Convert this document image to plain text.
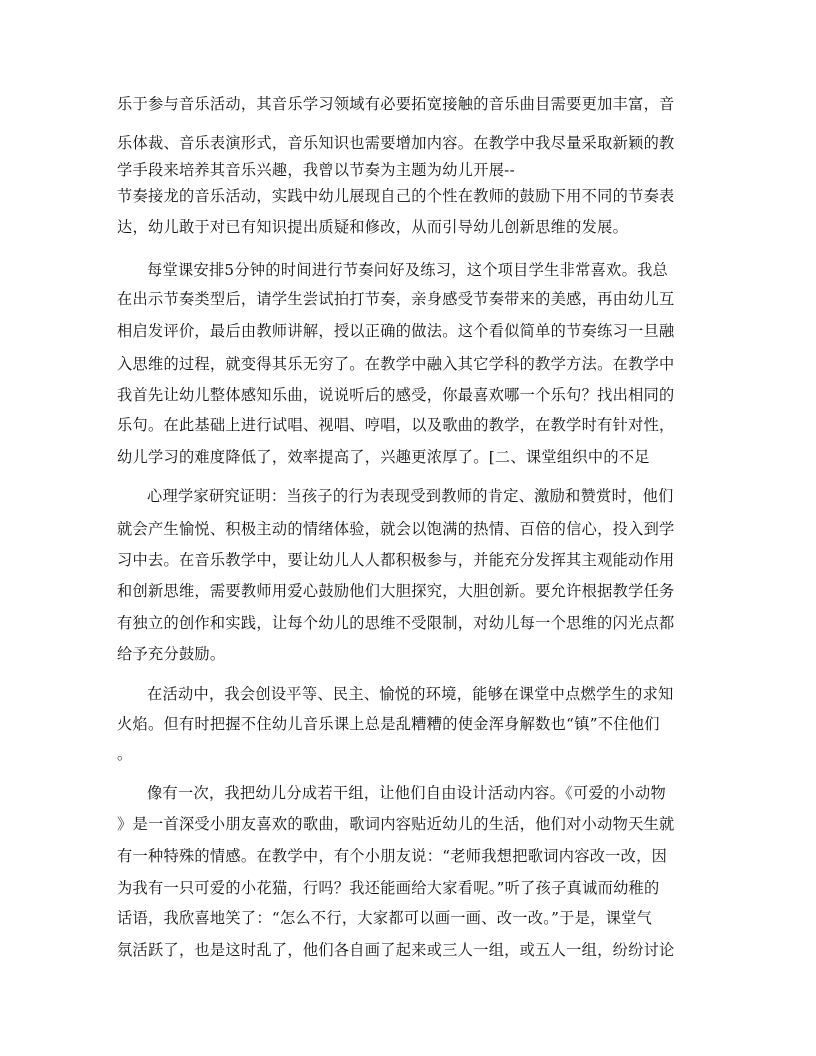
乐于参与音乐活动，其音乐学习领域有必要拓宽接触的音乐曲目需要更加丰富，音
乐体裁、音乐表演形式，音乐知识也需要增加内容。在教学中我尽量采取新颖的教
学手段来培养其音乐兴趣，我曾以节奏为主题为幼儿开展--
节奏接龙的音乐活动，实践中幼儿展现自己的个性在教师的鼓励下用不同的节奏表
达，幼儿敢于对已有知识提出质疑和修改，从而引导幼儿创新思维的发展。
每堂课安排5分钟的时间进行节奏问好及练习，这个项目学生非常喜欢。我总
在出示节奏类型后，请学生尝试拍打节奏，亲身感受节奏带来的美感，再由幼儿互
相启发评价，最后由教师讲解，授以正确的做法。这个看似简单的节奏练习一旦融
入思维的过程，就变得其乐无穷了。在教学中融入其它学科的教学方法。在教学中
我首先让幼儿整体感知乐曲，说说听后的感受，你最喜欢哪一个乐句？找出相同的
乐句。在此基础上进行试唱、视唱、哼唱，以及歌曲的教学，在教学时有针对性，
幼儿学习的难度降低了，效率提高了，兴趣更浓厚了。[二、课堂组织中的不足
心理学家研究证明：当孩子的行为表现受到教师的肯定、激励和赞赏时，他们
就会产生愉悦、积极主动的情绪体验，就会以饱满的热情、百倍的信心，投入到学
习中去。在音乐教学中，要让幼儿人人都积极参与，并能充分发挥其主观能动作用
和创新思维，需要教师用爱心鼓励他们大胆探究，大胆创新。要允许根据教学任务
有独立的创作和实践，让每个幼儿的思维不受限制，对幼儿每一个思维的闪光点都
给予充分鼓励。
在活动中，我会创设平等、民主、愉悦的环境，能够在课堂中点燃学生的求知
火焰。但有时把握不住幼儿音乐课上总是乱糟糟的使金浑身解数也“镇”不住他们
。
像有一次，我把幼儿分成若干组，让他们自由设计活动内容。《可爱的小动物
》是一首深受小朋友喜欢的歌曲，歌词内容贴近幼儿的生活，他们对小动物天生就
有一种特殊的情感。在教学中，有个小朋友说：“老师我想把歌词内容改一改，因
为我有一只可爱的小花猫，行吗？我还能画给大家看呢。”听了孩子真诚而幼稚的
话语，我欣喜地笑了：“怎么不行，大家都可以画一画、改一改。”于是，课堂气
氛活跃了，也是这时乱了，他们各自画了起来或三人一组，或五人一组，纷纷讨论
